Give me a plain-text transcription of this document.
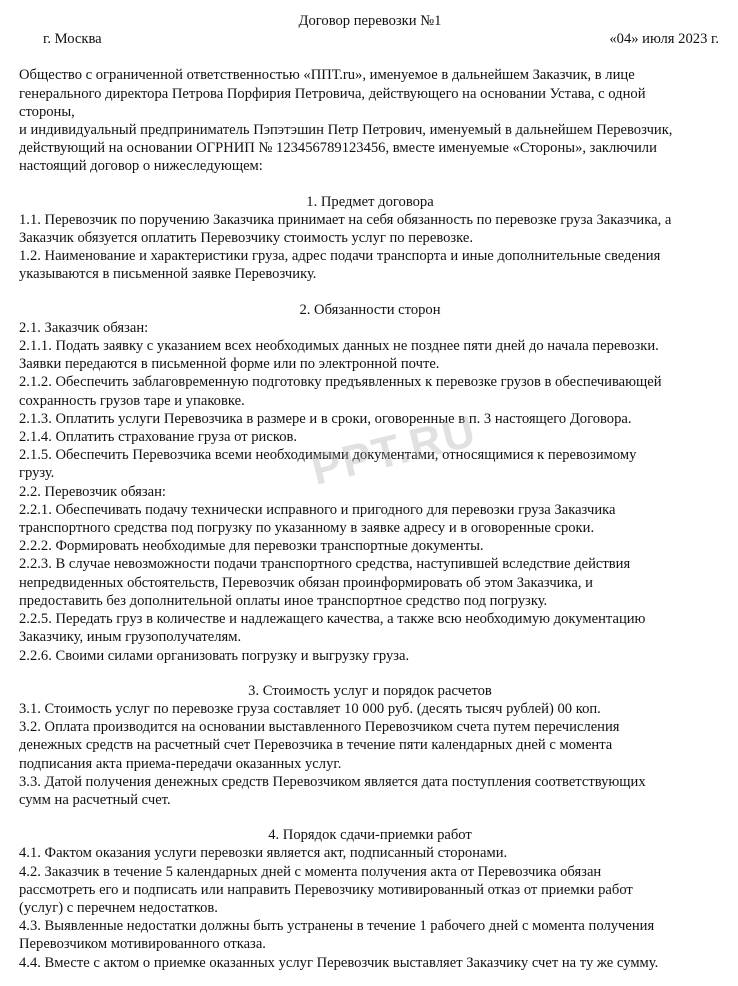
Договор перевозки №1
г. Москва	«04» июля 2023 г.
Общество с ограниченной ответственностью «ППТ.ru», именуемое в дальнейшем Заказчик, в лице
генерального директора Петрова Порфирия Петровича, действующего на основании Устава, с одной
стороны,
и индивидуальный предприниматель Пэпэтэшин Петр Петрович, именуемый в дальнейшем Перевозчик,
действующий на основании ОГРНИП № 123456789123456, вместе именуемые «Стороны», заключили
настоящий договор о нижеследующем:
1. Предмет договора
1.1. Перевозчик по поручению Заказчика принимает на себя обязанность по перевозке груза Заказчика, а
Заказчик обязуется оплатить Перевозчику стоимость услуг по перевозке.
1.2. Наименование и характеристики груза, адрес подачи транспорта и иные дополнительные сведения
указываются в письменной заявке Перевозчику.
2. Обязанности сторон
2.1. Заказчик обязан:
2.1.1. Подать заявку с указанием всех необходимых данных не позднее пяти дней до начала перевозки.
Заявки передаются в письменной форме или по электронной почте.
2.1.2. Обеспечить заблаговременную подготовку предъявленных к перевозке грузов в обеспечивающей
сохранность грузов таре и упаковке.
2.1.3. Оплатить услуги Перевозчика в размере и в сроки, оговоренные в п. 3 настоящего Договора.
2.1.4. Оплатить страхование груза от рисков.
2.1.5. Обеспечить Перевозчика всеми необходимыми документами, относящимися к перевозимому
грузу.
2.2. Перевозчик обязан:
2.2.1. Обеспечивать подачу технически исправного и пригодного для перевозки груза Заказчика
транспортного средства под погрузку по указанному в заявке адресу и в оговоренные сроки.
2.2.2. Формировать необходимые для перевозки транспортные документы.
2.2.3. В случае невозможности подачи транспортного средства, наступившей вследствие действия
непредвиденных обстоятельств, Перевозчик обязан проинформировать об этом Заказчика, и
предоставить без дополнительной оплаты иное транспортное средство под погрузку.
2.2.5. Передать груз в количестве и надлежащего качества, а также всю необходимую документацию
Заказчику, иным грузополучателям.
2.2.6. Своими силами организовать погрузку и выгрузку груза.
3. Стоимость услуг и порядок расчетов
3.1. Стоимость услуг по перевозке груза составляет 10 000 руб. (десять тысяч рублей) 00 коп.
3.2. Оплата производится на основании выставленного Перевозчиком счета путем перечисления
денежных средств на расчетный счет Перевозчика в течение пяти календарных дней с момента
подписания акта приема-передачи оказанных услуг.
3.3. Датой получения денежных средств Перевозчиком является дата поступления соответствующих
сумм на расчетный счет.
4. Порядок сдачи-приемки работ
4.1. Фактом оказания услуги перевозки является акт, подписанный сторонами.
4.2. Заказчик в течение 5 календарных дней с момента получения акта от Перевозчика обязан
рассмотреть его и подписать или направить Перевозчику мотивированный отказ от приемки работ
(услуг) с перечнем недостатков.
4.3. Выявленные недостатки должны быть устранены в течение 1 рабочего дней с момента получения
Перевозчиком мотивированного отказа.
4.4. Вместе с актом о приемке оказанных услуг Перевозчик выставляет Заказчику счет на ту же сумму.
PPT.RU
